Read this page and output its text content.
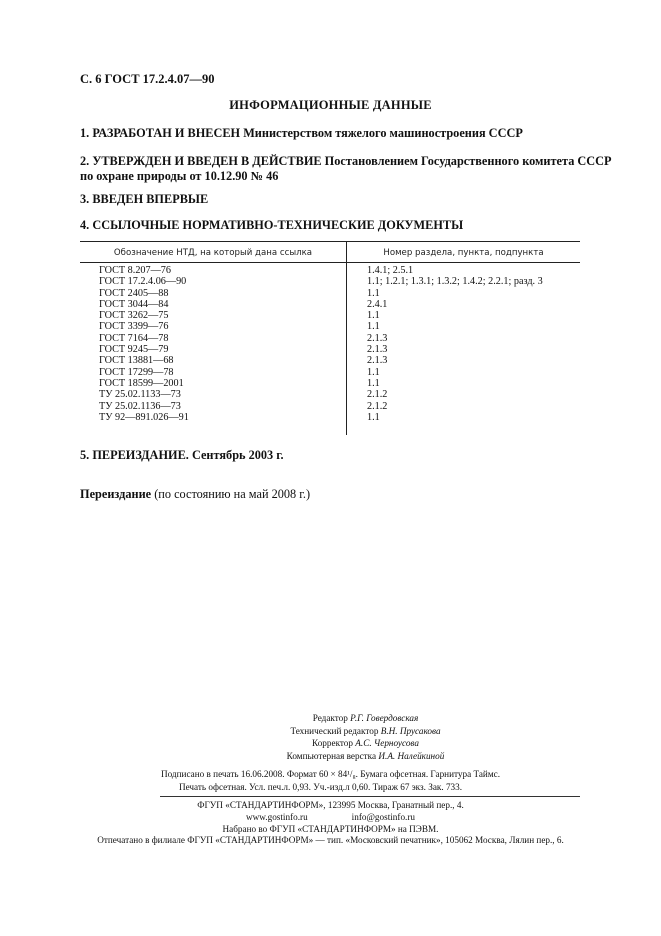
С. 6 ГОСТ 17.2.4.07—90
ИНФОРМАЦИОННЫЕ ДАННЫЕ
1. РАЗРАБОТАН И ВНЕСЕН Министерством тяжелого машиностроения СССР
2. УТВЕРЖДЕН И ВВЕДЕН В ДЕЙСТВИЕ Постановлением Государственного комитета СССР по охране природы от 10.12.90 № 46
3. ВВЕДЕН ВПЕРВЫЕ
4. ССЫЛОЧНЫЕ НОРМАТИВНО-ТЕХНИЧЕСКИЕ ДОКУМЕНТЫ
Обозначение НТД, на который дана ссылка	Номер раздела, пункта, подпункта
ГОСТ 8.207—76
ГОСТ 17.2.4.06—90
ГОСТ 2405—88
ГОСТ 3044—84
ГОСТ 3262—75
ГОСТ 3399—76
ГОСТ 7164—78
ГОСТ 9245—79
ГОСТ 13881—68
ГОСТ 17299—78
ГОСТ 18599—2001
ТУ 25.02.1133—73
ТУ 25.02.1136—73
ТУ 92—891.026—91
1.4.1; 2.5.1
1.1; 1.2.1; 1.3.1; 1.3.2; 1.4.2; 2.2.1; разд. 3
1.1
2.4.1
1.1
1.1
2.1.3
2.1.3
2.1.3
1.1
1.1
2.1.2
2.1.2
1.1
5. ПЕРЕИЗДАНИЕ. Сентябрь 2003 г.
Переиздание (по состоянию на май 2008 г.)
Редактор Р.Г. Говердовская
Технический редактор В.Н. Прусакова
Корректор А.С. Черноусова
Компьютерная верстка И.А. Налейкиной
Подписано в печать 16.06.2008. Формат 60 × 84¹/₈. Бумага офсетная. Гарнитура Таймс.
Печать офсетная. Усл. печ.л. 0,93. Уч.-изд.л 0,60. Тираж 67 экз. Зак. 733.
ФГУП «СТАНДАРТИНФОРМ», 123995 Москва, Гранатный пер., 4.
www.gostinfo.ru	info@gostinfo.ru
Набрано во ФГУП «СТАНДАРТИНФОРМ» на ПЭВМ.
Отпечатано в филиале ФГУП «СТАНДАРТИНФОРМ» — тип. «Московский печатник», 105062 Москва, Лялин пер., 6.
